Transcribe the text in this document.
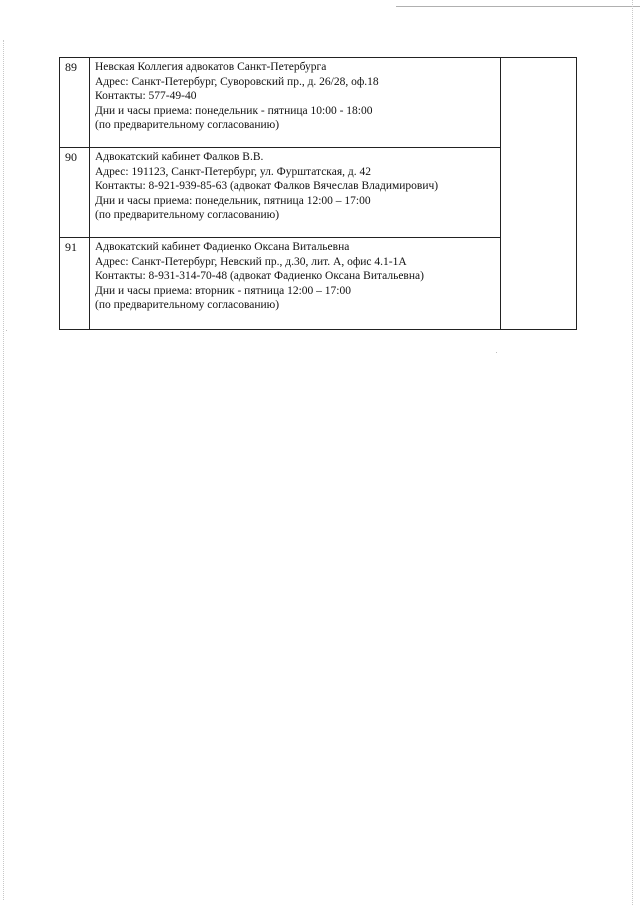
89	Невская Коллегия адвокатов Санкт-Петербурга
Адрес: Санкт-Петербург, Суворовский пр., д. 26/28, оф.18
Контакты: 577-49-40
Дни и часы приема: понедельник - пятница 10:00 - 18:00
(по предварительному согласованию)	

90	Адвокатский кабинет Фалков В.В.
Адрес: 191123, Санкт-Петербург, ул. Фурштатская, д. 42
Контакты: 8-921-939-85-63 (адвокат Фалков Вячеслав Владимирович)
Дни и часы приема: понедельник, пятница 12:00 – 17:00
(по предварительному согласованию)	

91	Адвокатский кабинет Фадиенко Оксана Витальевна
Адрес: Санкт-Петербург, Невский пр., д.30, лит. А, офис 4.1-1А
Контакты: 8-931-314-70-48 (адвокат Фадиенко Оксана Витальевна)
Дни и часы приема: вторник - пятница 12:00 – 17:00
(по предварительному согласованию)	
